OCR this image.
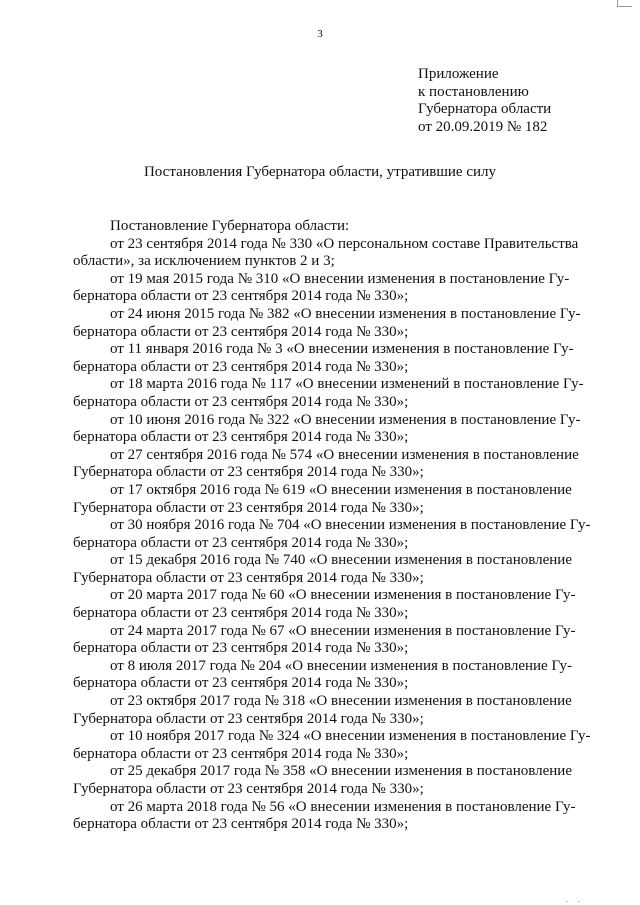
3
Приложение
к постановлению
Губернатора области
от 20.09.2019 № 182
Постановления Губернатора области, утратившие силу
Постановление Губернатора области:
от 23 сентября 2014 года № 330 «О персональном составе Правительства
области», за исключением пунктов 2 и 3;
от 19 мая 2015 года № 310 «О внесении изменения в постановление Гу-
бернатора области от 23 сентября 2014 года № 330»;
от 24 июня 2015 года № 382 «О внесении изменения в постановление Гу-
бернатора области от 23 сентября 2014 года № 330»;
от 11 января 2016 года № 3 «О внесении изменения в постановление Гу-
бернатора области от 23 сентября 2014 года № 330»;
от 18 марта 2016 года № 117 «О внесении изменений в постановление Гу-
бернатора области от 23 сентября 2014 года № 330»;
от 10 июня 2016 года № 322 «О внесении изменения в постановление Гу-
бернатора области от 23 сентября 2014 года № 330»;
от 27 сентября 2016 года № 574 «О внесении изменения в постановление
Губернатора области от 23 сентября 2014 года № 330»;
от 17 октября 2016 года № 619 «О внесении изменения в постановление
Губернатора области от 23 сентября 2014 года № 330»;
от 30 ноября 2016 года № 704 «О внесении изменения в постановление Гу-
бернатора области от 23 сентября 2014 года № 330»;
от 15 декабря 2016 года № 740 «О внесении изменения в постановление
Губернатора области от 23 сентября 2014 года № 330»;
от 20 марта 2017 года № 60 «О внесении изменения в постановление Гу-
бернатора области от 23 сентября 2014 года № 330»;
от 24 марта 2017 года № 67 «О внесении изменения в постановление Гу-
бернатора области от 23 сентября 2014 года № 330»;
от 8 июля 2017 года № 204 «О внесении изменения в постановление Гу-
бернатора области от 23 сентября 2014 года № 330»;
от 23 октября 2017 года № 318 «О внесении изменения в постановление
Губернатора области от 23 сентября 2014 года № 330»;
от 10 ноября 2017 года № 324 «О внесении изменения в постановление Гу-
бернатора области от 23 сентября 2014 года № 330»;
от 25 декабря 2017 года № 358 «О внесении изменения в постановление
Губернатора области от 23 сентября 2014 года № 330»;
от 26 марта 2018 года № 56 «О внесении изменения в постановление Гу-
бернатора области от 23 сентября 2014 года № 330»;
. .
